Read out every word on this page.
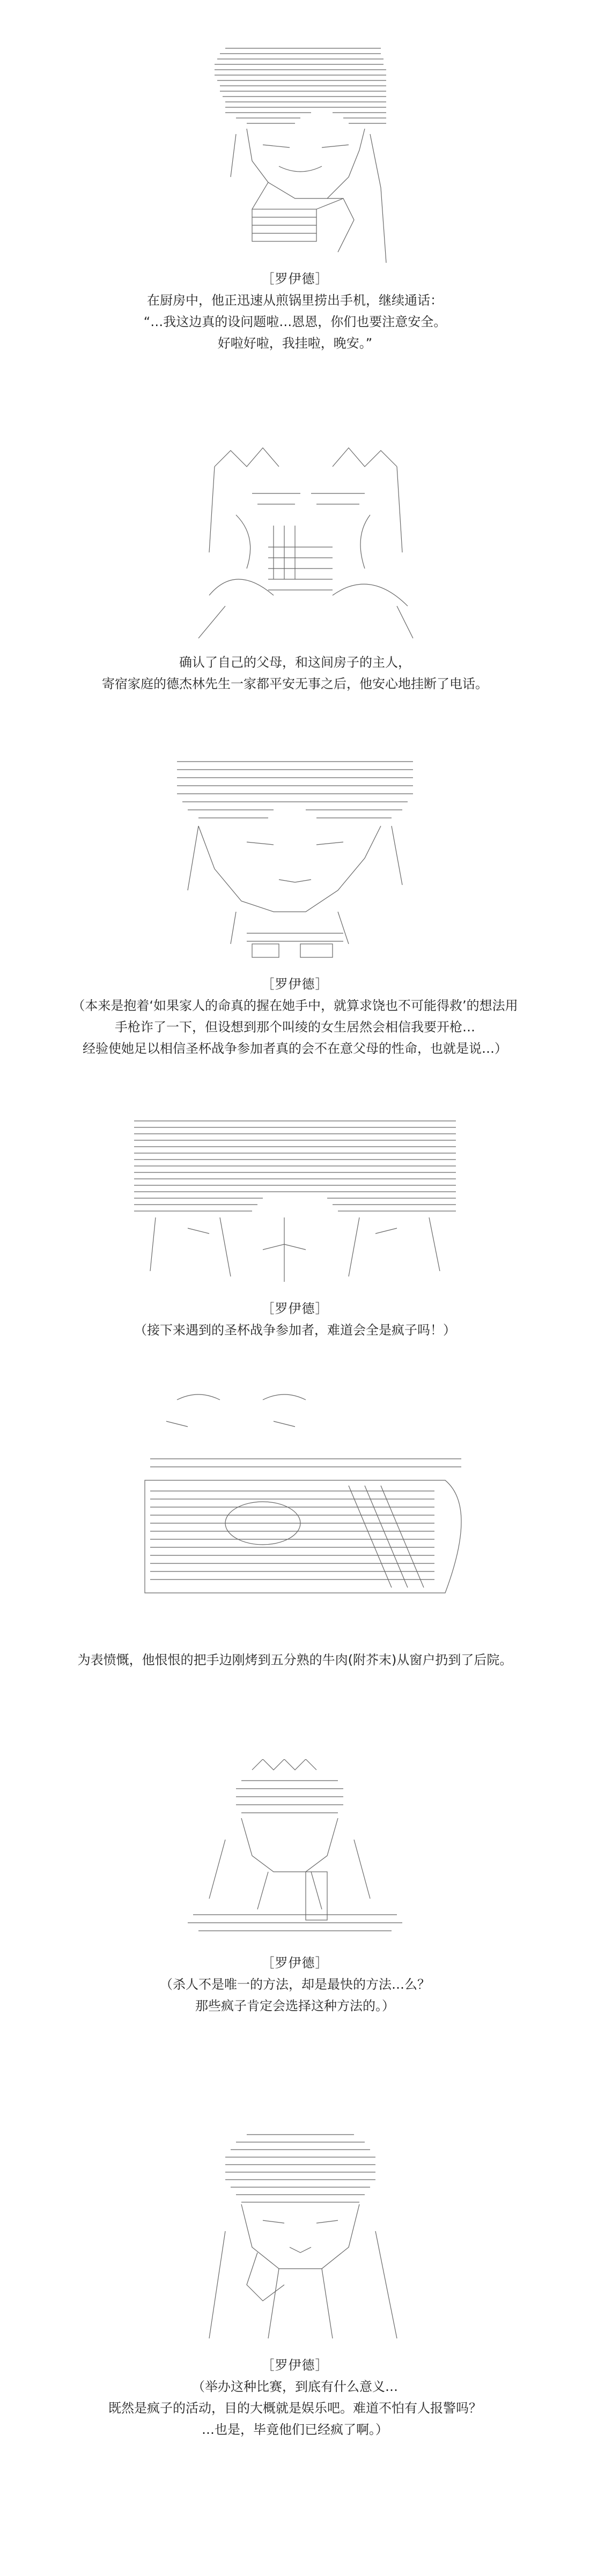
［罗伊德］
在厨房中，他正迅速从煎锅里捞出手机，继续通话：
“…我这边真的设问题啦…恩恩，你们也要注意安全。
好啦好啦，我挂啦，晚安。”
确认了自己的父母，和这间房子的主人，
寄宿家庭的德杰林先生一家都平安无事之后，他安心地挂断了电话。
［罗伊德］
（本来是抱着‘如果家人的命真的握在她手中，就算求饶也不可能得救’的想法用
手枪诈了一下，但设想到那个叫绫的女生居然会相信我要开枪…
经验使她足以相信圣杯战争参加者真的会不在意父母的性命，也就是说…）
［罗伊德］
（接下来遇到的圣杯战争参加者，难道会全是疯子吗！）
为表愤慨，他恨恨的把手边刚烤到五分熟的牛肉(附芥末)从窗户扔到了后院。
［罗伊德］
（杀人不是唯一的方法，却是最快的方法…么？
那些疯子肯定会选择这种方法的。）
［罗伊德］
（举办这种比赛，到底有什么意义…
既然是疯子的活动，目的大概就是娱乐吧。难道不怕有人报警吗？
…也是，毕竟他们已经疯了啊。）
